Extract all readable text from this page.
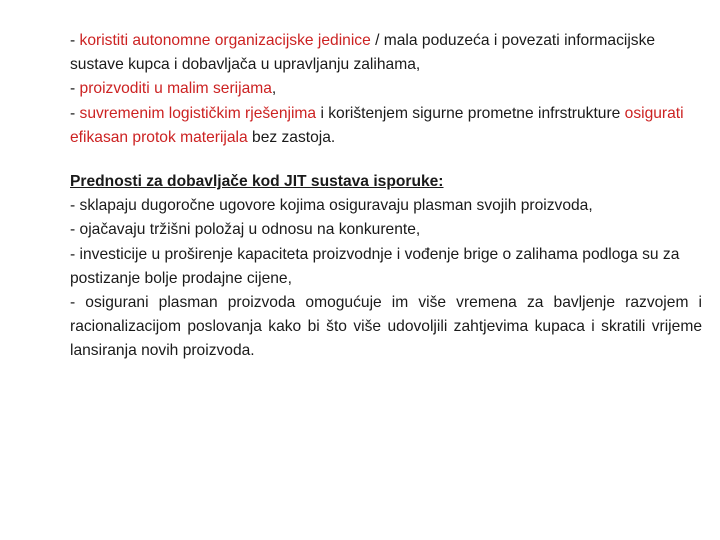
- koristiti autonomne organizacijske jedinice / mala poduzeća i povezati informacijske sustave kupca i dobavljača u upravljanju zalihama,

- proizvoditi u malim serijama,

- suvremenim logističkim rješenjima i korištenjem sigurne prometne infrstrukture osigurati efikasan protok materijala bez zastoja.

Prednosti za dobavljače kod JIT sustava isporuke:

- sklapaju dugoročne ugovore kojima osiguravaju plasman svojih proizvoda,

- ojačavaju tržišni položaj u odnosu na konkurente,

- investicije u proširenje kapaciteta proizvodnje i vođenje brige o zalihama podloga su za postizanje bolje prodajne cijene,

- osigurani plasman proizvoda omogućuje im više vremena za bavljenje razvojem i racionalizacijom poslovanja kako bi što više udovoljili zahtjevima kupaca i skratili vrijeme lansiranja novih proizvoda.
